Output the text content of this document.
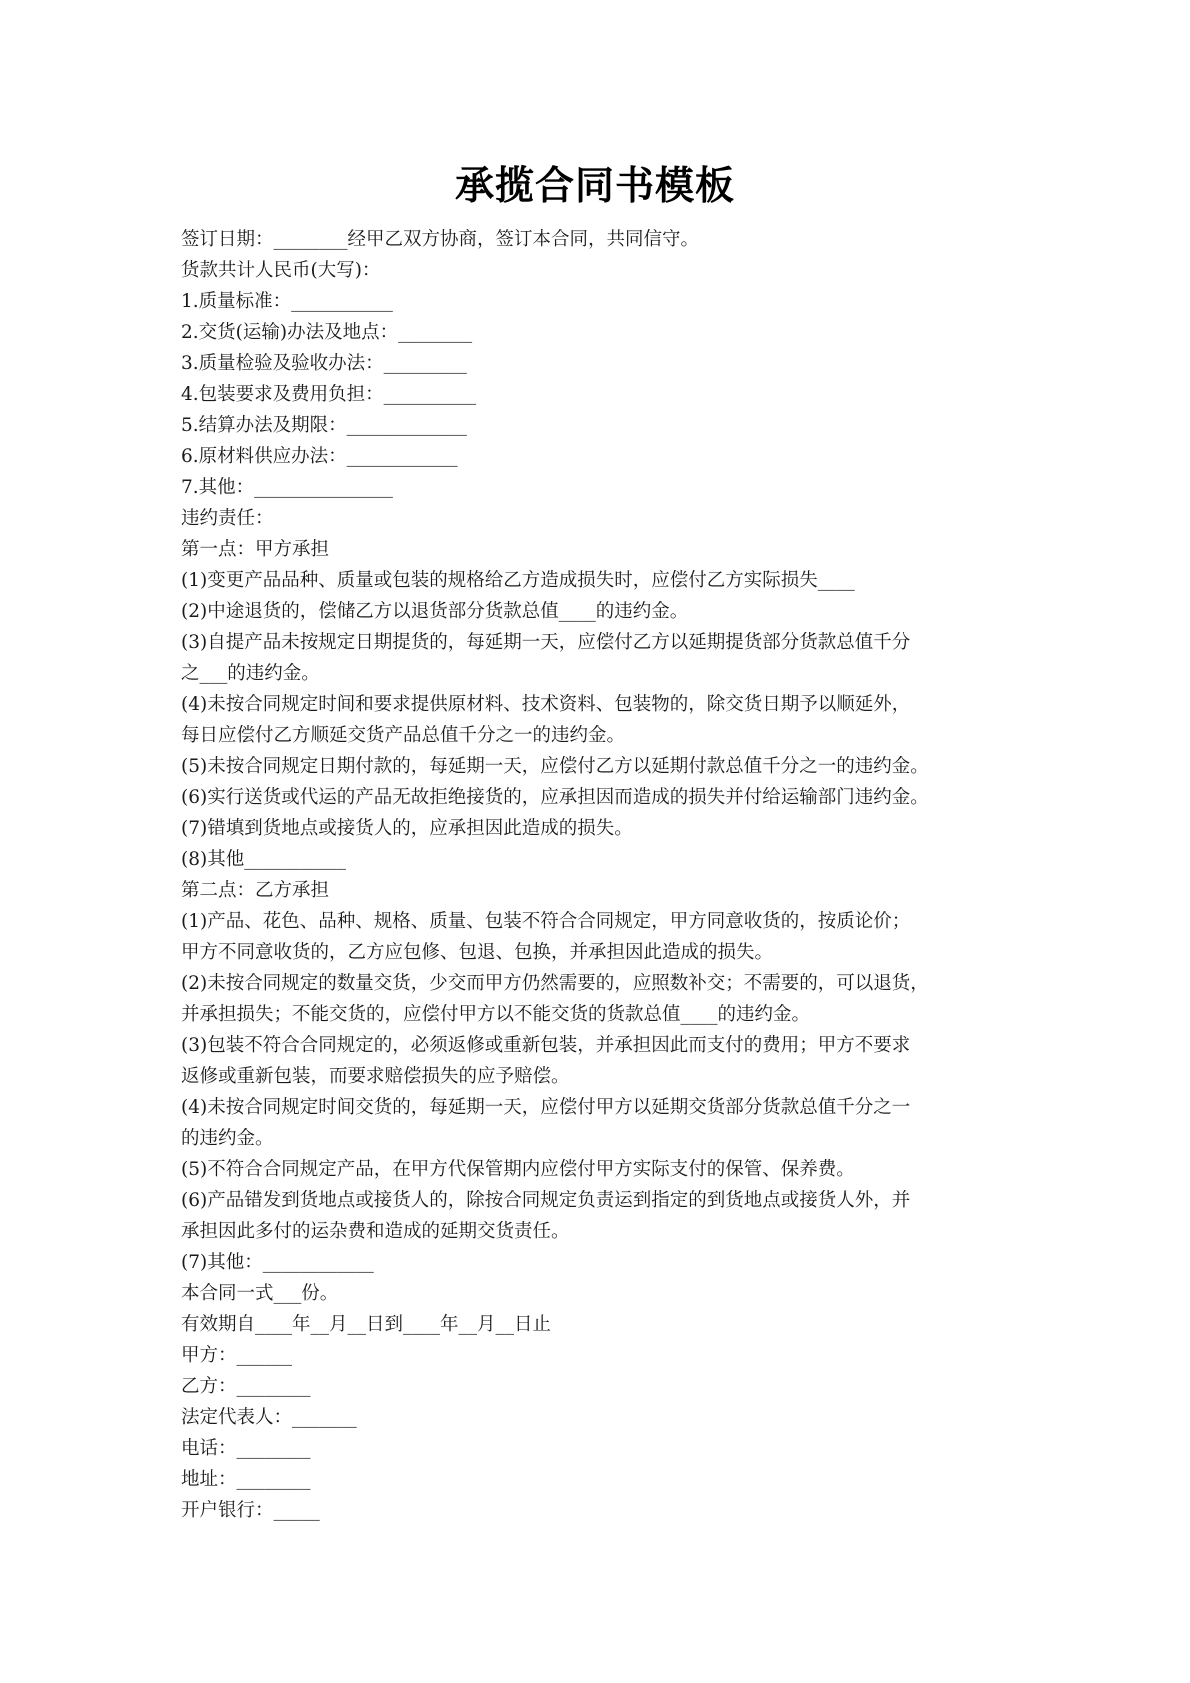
承揽合同书模板
签订日期：________经甲乙双方协商，签订本合同，共同信守。
货款共计人民币(大写)：
1.质量标准：___________
2.交货(运输)办法及地点：________
3.质量检验及验收办法：_________
4.包装要求及费用负担：__________
5.结算办法及期限：_____________
6.原材料供应办法：____________
7.其他：_______________
违约责任：
第一点：甲方承担
(1)变更产品品种、质量或包装的规格给乙方造成损失时，应偿付乙方实际损失____
(2)中途退货的，偿储乙方以退货部分货款总值____的违约金。
(3)自提产品未按规定日期提货的，每延期一天，应偿付乙方以延期提货部分货款总值千分
之___的违约金。
(4)未按合同规定时间和要求提供原材料、技术资料、包装物的，除交货日期予以顺延外，
每日应偿付乙方顺延交货产品总值千分之一的违约金。
(5)未按合同规定日期付款的，每延期一天，应偿付乙方以延期付款总值千分之一的违约金。
(6)实行送货或代运的产品无故拒绝接货的，应承担因而造成的损失并付给运输部门违约金。
(7)错填到货地点或接货人的，应承担因此造成的损失。
(8)其他___________
第二点：乙方承担
(1)产品、花色、品种、规格、质量、包装不符合合同规定，甲方同意收货的，按质论价；
甲方不同意收货的，乙方应包修、包退、包换，并承担因此造成的损失。
(2)未按合同规定的数量交货，少交而甲方仍然需要的，应照数补交；不需要的，可以退货，
并承担损失；不能交货的，应偿付甲方以不能交货的货款总值____的违约金。
(3)包装不符合合同规定的，必须返修或重新包装，并承担因此而支付的费用；甲方不要求
返修或重新包装，而要求赔偿损失的应予赔偿。
(4)未按合同规定时间交货的，每延期一天，应偿付甲方以延期交货部分货款总值千分之一
的违约金。
(5)不符合合同规定产品，在甲方代保管期内应偿付甲方实际支付的保管、保养费。
(6)产品错发到货地点或接货人的，除按合同规定负责运到指定的到货地点或接货人外，并
承担因此多付的运杂费和造成的延期交货责任。
(7)其他：____________
本合同一式___份。
有效期自____年__月__日到____年__月__日止
甲方：______
乙方：________
法定代表人：_______
电话：________
地址：________
开户银行：_____
